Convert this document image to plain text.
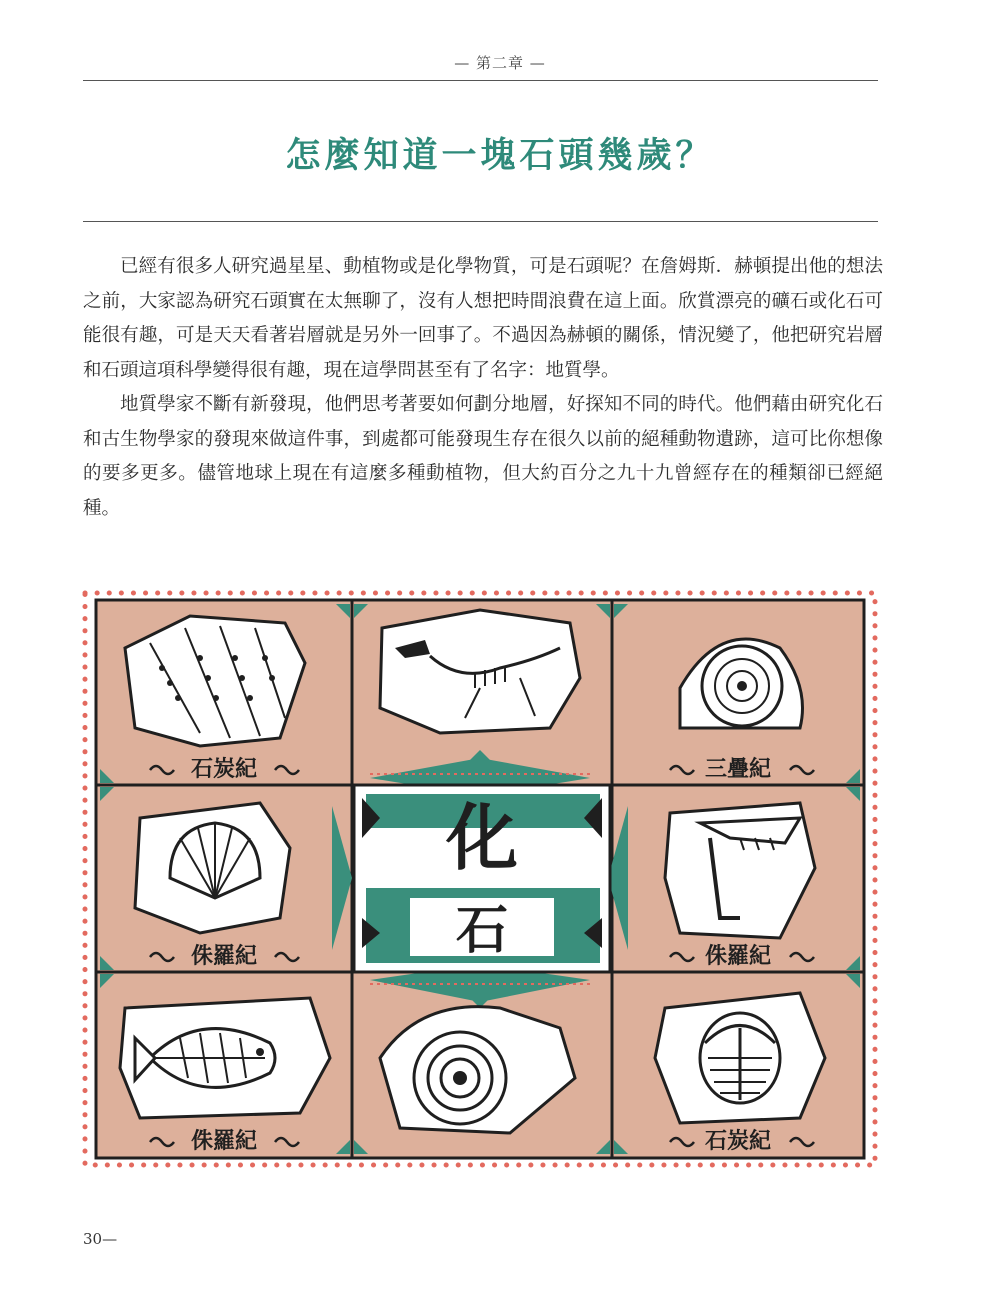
— 第二章 —
怎麼知道一塊石頭幾歲？

已經有很多人研究過星星、動植物或是化學物質，可是石頭呢？在詹姆斯．赫頓提出他的想法之前，大家認為研究石頭實在太無聊了，沒有人想把時間浪費在這上面。欣賞漂亮的礦石或化石可能很有趣，可是天天看著岩層就是另外一回事了。不過因為赫頓的關係，情況變了，他把研究岩層和石頭這項科學變得很有趣，現在這學問甚至有了名字：地質學。

地質學家不斷有新發現，他們思考著要如何劃分地層，好探知不同的時代。他們藉由研究化石和古生物學家的發現來做這件事，到處都可能發現生存在很久以前的絕種動物遺跡，這可比你想像的要多更多。儘管地球上現在有這麼多種動植物，但大約百分之九十九曾經存在的種類卻已經絕種。

化
石
石炭紀	三疊紀
侏羅紀	侏羅紀
侏羅紀	石炭紀
30—
